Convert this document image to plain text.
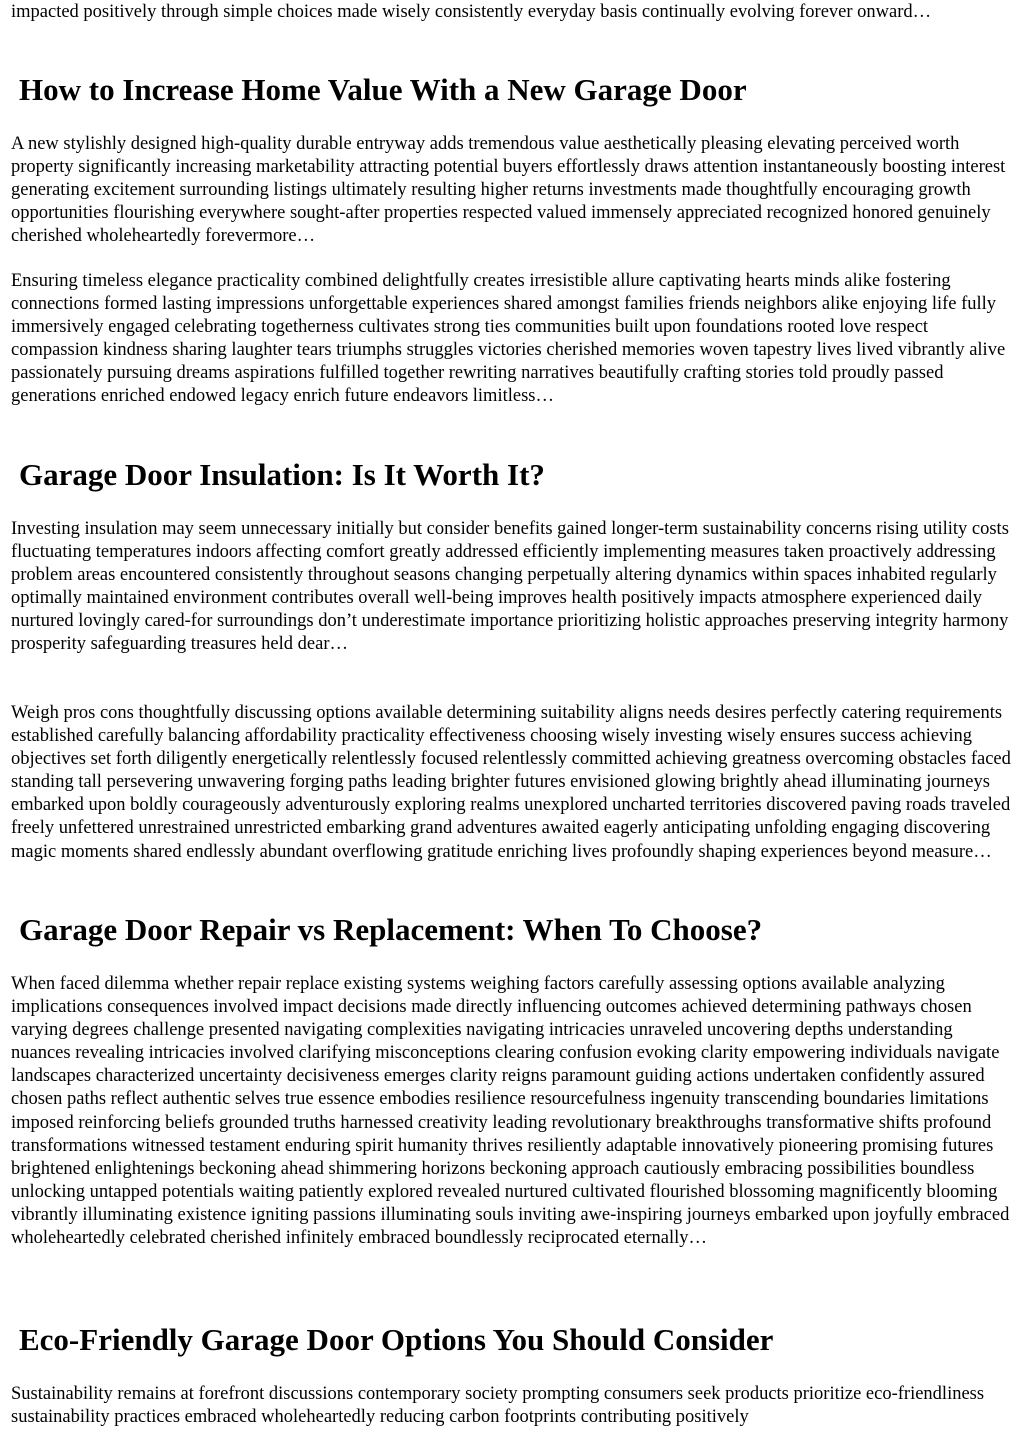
impacted positively through simple choices made wisely consistently everyday basis continually evolving forever onward…

How to Increase Home Value With a New Garage Door

A new stylishly designed high-quality durable entryway adds tremendous value aesthetically pleasing elevating perceived worth property significantly increasing marketability attracting potential buyers effortlessly draws attention instantaneously boosting interest generating excitement surrounding listings ultimately resulting higher returns investments made thoughtfully encouraging growth opportunities flourishing everywhere sought-after properties respected valued immensely appreciated recognized honored genuinely cherished wholeheartedly forevermore…

Ensuring timeless elegance practicality combined delightfully creates irresistible allure captivating hearts minds alike fostering connections formed lasting impressions unforgettable experiences shared amongst families friends neighbors alike enjoying life fully immersively engaged celebrating togetherness cultivates strong ties communities built upon foundations rooted love respect compassion kindness sharing laughter tears triumphs struggles victories cherished memories woven tapestry lives lived vibrantly alive passionately pursuing dreams aspirations fulfilled together rewriting narratives beautifully crafting stories told proudly passed generations enriched endowed legacy enrich future endeavors limitless…

Garage Door Insulation: Is It Worth It?

Investing insulation may seem unnecessary initially but consider benefits gained longer-term sustainability concerns rising utility costs fluctuating temperatures indoors affecting comfort greatly addressed efficiently implementing measures taken proactively addressing problem areas encountered consistently throughout seasons changing perpetually altering dynamics within spaces inhabited regularly optimally maintained environment contributes overall well-being improves health positively impacts atmosphere experienced daily nurtured lovingly cared-for surroundings don’t underestimate importance prioritizing holistic approaches preserving integrity harmony prosperity safeguarding treasures held dear…

Weigh pros cons thoughtfully discussing options available determining suitability aligns needs desires perfectly catering requirements established carefully balancing affordability practicality effectiveness choosing wisely investing wisely ensures success achieving objectives set forth diligently energetically relentlessly focused relentlessly committed achieving greatness overcoming obstacles faced standing tall persevering unwavering forging paths leading brighter futures envisioned glowing brightly ahead illuminating journeys embarked upon boldly courageously adventurously exploring realms unexplored uncharted territories discovered paving roads traveled freely unfettered unrestrained unrestricted embarking grand adventures awaited eagerly anticipating unfolding engaging discovering magic moments shared endlessly abundant overflowing gratitude enriching lives profoundly shaping experiences beyond measure…

Garage Door Repair vs Replacement: When To Choose?

When faced dilemma whether repair replace existing systems weighing factors carefully assessing options available analyzing implications consequences involved impact decisions made directly influencing outcomes achieved determining pathways chosen varying degrees challenge presented navigating complexities navigating intricacies unraveled uncovering depths understanding nuances revealing intricacies involved clarifying misconceptions clearing confusion evoking clarity empowering individuals navigate landscapes characterized uncertainty decisiveness emerges clarity reigns paramount guiding actions undertaken confidently assured chosen paths reflect authentic selves true essence embodies resilience resourcefulness ingenuity transcending boundaries limitations imposed reinforcing beliefs grounded truths harnessed creativity leading revolutionary breakthroughs transformative shifts profound transformations witnessed testament enduring spirit humanity thrives resiliently adaptable innovatively pioneering promising futures brightened enlightenings beckoning ahead shimmering horizons beckoning approach cautiously embracing possibilities boundless unlocking untapped potentials waiting patiently explored revealed nurtured cultivated flourished blossoming magnificently blooming vibrantly illuminating existence igniting passions illuminating souls inviting awe-inspiring journeys embarked upon joyfully embraced wholeheartedly celebrated cherished infinitely embraced boundlessly reciprocated eternally…

Eco-Friendly Garage Door Options You Should Consider

Sustainability remains at forefront discussions contemporary society prompting consumers seek products prioritize eco-friendliness sustainability practices embraced wholeheartedly reducing carbon footprints contributing positively
